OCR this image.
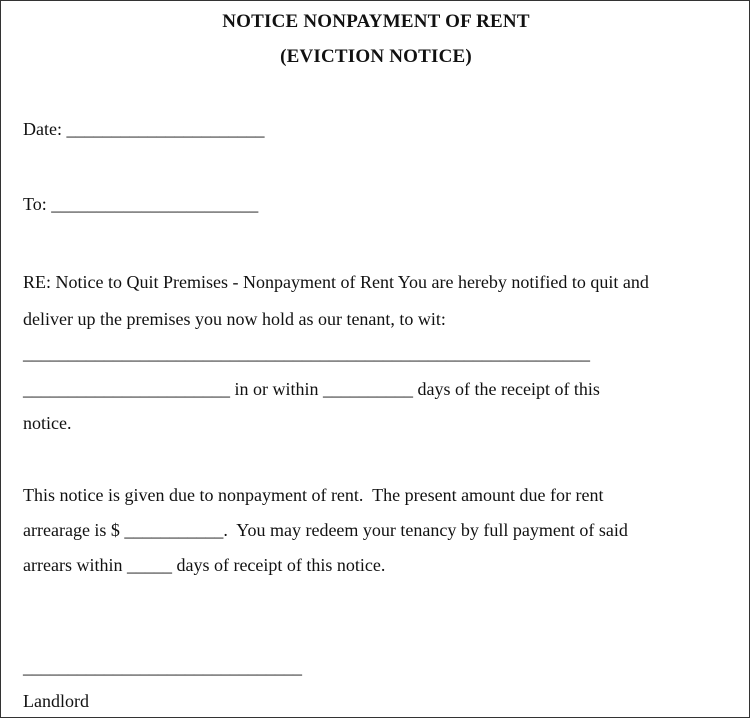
NOTICE NONPAYMENT OF RENT
(EVICTION NOTICE)
Date: ______________________
To: _______________________
RE: Notice to Quit Premises - Nonpayment of Rent You are hereby notified to quit and
deliver up the premises you now hold as our tenant, to wit:
_______________________________________________________________
_______________________ in or within __________ days of the receipt of this
notice.
This notice is given due to nonpayment of rent.  The present amount due for rent
arrearage is $ ___________.  You may redeem your tenancy by full payment of said
arrears within _____ days of receipt of this notice.
_______________________________
Landlord
